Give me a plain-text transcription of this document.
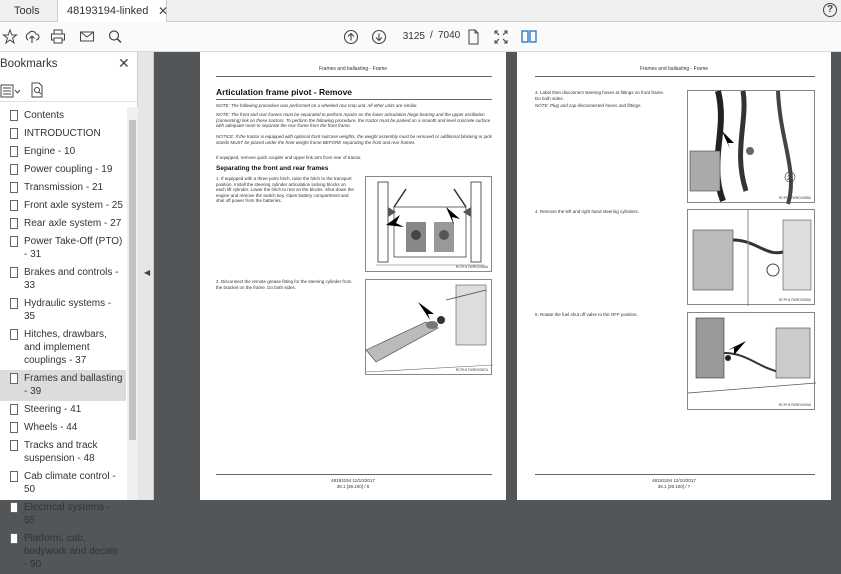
Tools	48193194-linked ✕	?
3125
/ 7040
Bookmarks	✕
Contents
INTRODUCTION
Engine - 10
Power coupling - 19
Transmission - 21
Front axle system - 25
Rear axle system - 27
Power Take-Off (PTO) - 31
Brakes and controls - 33
Hydraulic systems - 35
Hitches, drawbars, and implement couplings - 37
Frames and ballasting - 39
Steering - 41
Wheels - 44
Tracks and track suspension - 48
Cab climate control - 50
Electrical systems - 55
Platform, cab, bodywork and decals - 90
◀
Frames and ballasting - Frame
Articulation frame pivot - Remove
NOTE: The following procedure was performed on a wheeled row crop unit. All other units are similar.
NOTE: The front and rear frames must be separated to perform repairs on the lower articulation hinge bearing and the upper oscillation (connecting) link on these tractors. To perform the following procedure, the tractor must be parked on a smooth and level concrete surface with adequate room to separate the rear frame from the front frame.
NOTICE: If the tractor is equipped with optional front suitcase weights, the weight assembly must be removed or additional blocking or jack stands MUST be placed under the front weight frame BEFORE separating the front and rear frames.
If equipped, remove quick coupler and upper link arm from rear of tractor.
Separating the front and rear frames
1. If equipped with a three point hitch, raise the hitch to the transport position. Install the steering cylinder articulation locking blocks on each lift cylinder. Lower the hitch to rest on the blocks. Shut down the engine and remove the switch key. Open battery compartment and shut off power from the batteries.
RCPH17WRD0086A
2. Disconnect the remote grease fitting for the steering cylinder from the bracket on the frame. Do both sides.
RCPH17WRD0087A
48193194 12/10/2017
39.1 [39.100] / 6
Frames and ballasting - Frame
3. Label then disconnect steering hoses at fittings on front frame. Do both sides.
NOTE: Plug and cap disconnected hoses and fittings.
2
RCPH17WRD0088A
4. Remove the left and right hand steering cylinders.
RCPH17WRD0089A
5. Rotate the fuel shut off valve to the OFF position.
RCPH17WRD0090A
48193194 12/10/2017
39.1 [39.100] / 7
